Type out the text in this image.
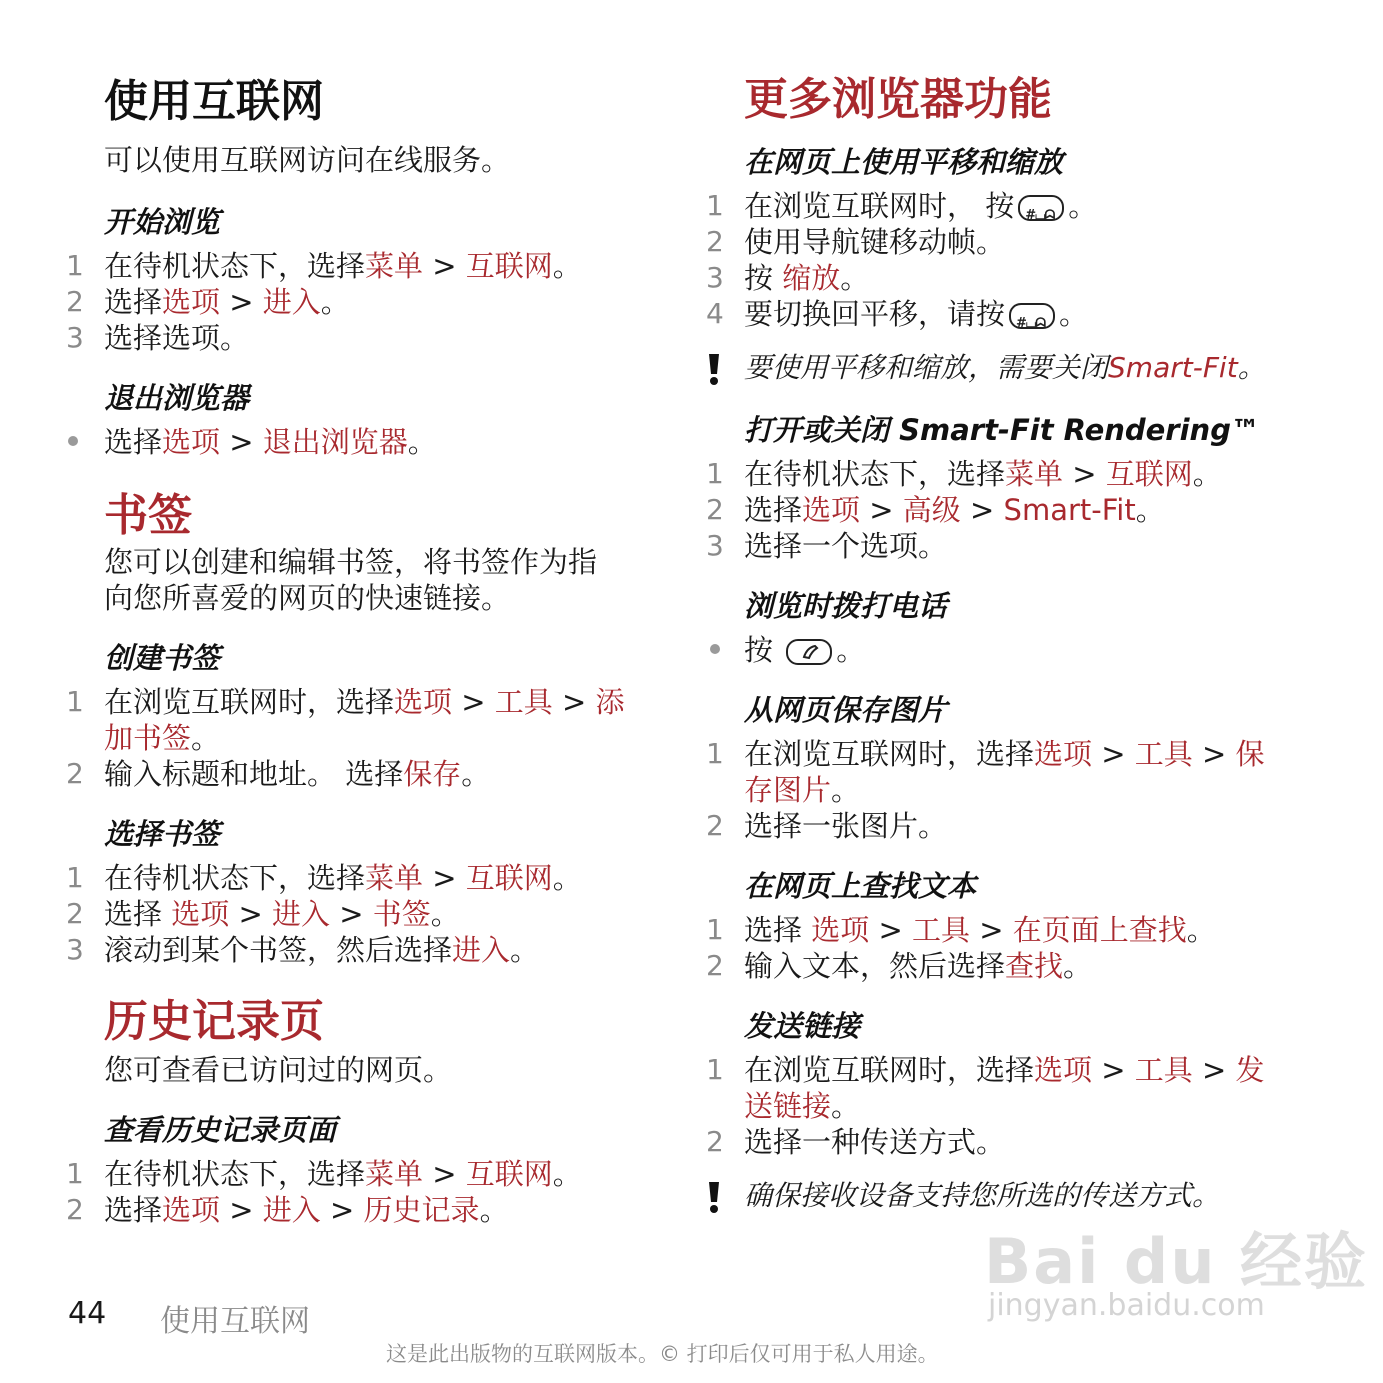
使用互联网
可以使用互联网访问在线服务。
开始浏览
1 在待机状态下，选择菜单 > 互联网。
2 选择选项 > 进入。
3 选择选项。
退出浏览器
选择选项 > 退出浏览器。
书签
您可以创建和编辑书签，将书签作为指
向您所喜爱的网页的快速链接。
创建书签
1 在浏览互联网时，选择选项 > 工具 > 添
加书签。
2 输入标题和地址。 选择保存。
选择书签
1 在待机状态下，选择菜单 > 互联网。
2 选择 选项 > 进入 > 书签。
3 滚动到某个书签，然后选择进入。
历史记录页
您可查看已访问过的网页。
查看历史记录页面
1 在待机状态下，选择菜单 > 互联网。
2 选择选项 > 进入 > 历史记录。
更多浏览器功能
在网页上使用平移和缩放
1 在浏览互联网时， 按 #⌴ᗣ 。
2 使用导航键移动帧。
3 按 缩放。
4 要切换回平移，请按 #⌴ᗣ 。
要使用平移和缩放，需要关闭Smart-Fit。
打开或关闭 Smart-Fit Rendering™
1 在待机状态下，选择菜单 > 互联网。
2 选择选项 > 高级 > Smart-Fit。
3 选择一个选项。
浏览时拨打电话
按 。
从网页保存图片
1 在浏览互联网时，选择选项 > 工具 > 保
存图片。
2 选择一张图片。
在网页上查找文本
1 选择 选项 > 工具 > 在页面上查找。
2 输入文本，然后选择查找。
发送链接
1 在浏览互联网时，选择选项 > 工具 > 发
送链接。
2 选择一种传送方式。
确保接收设备支持您所选的传送方式。
Bai du 经验
jingyan.baidu.com
44 使用互联网
这是此出版物的互联网版本。© 打印后仅可用于私人用途。
